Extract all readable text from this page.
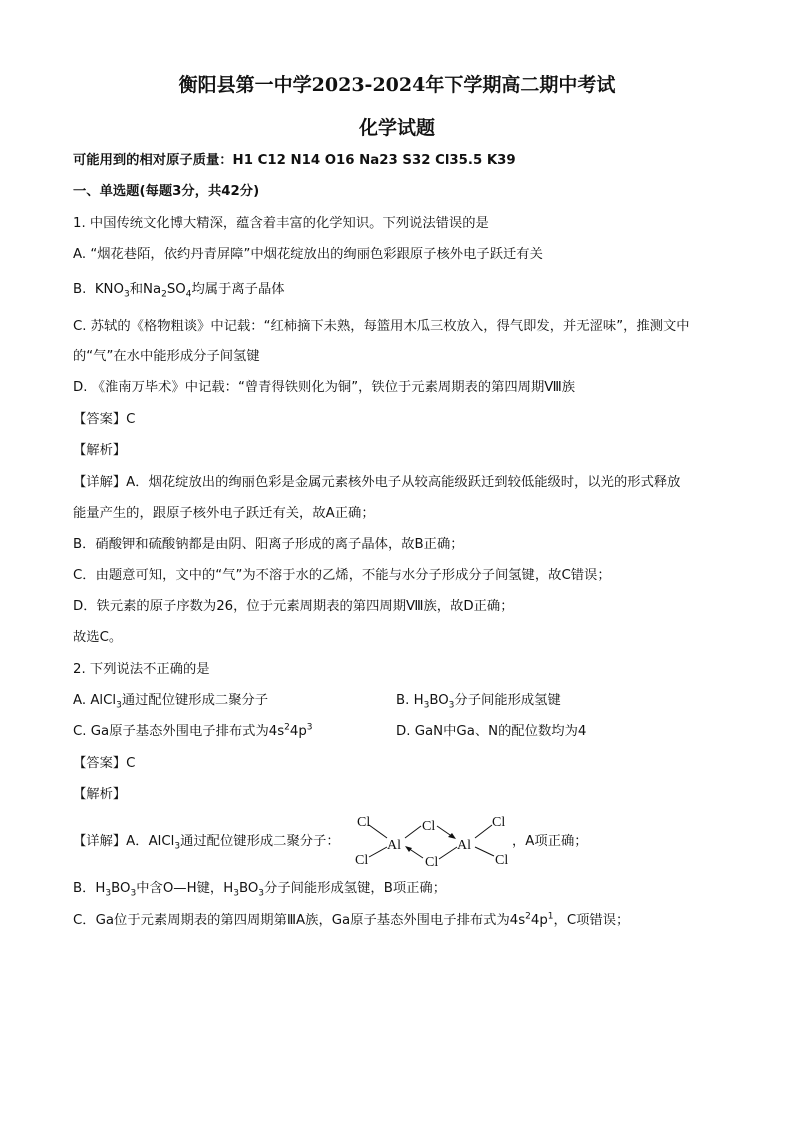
衡阳县第一中学2023-2024年下学期高二期中考试
化学试题
可能用到的相对原子质量：H1 C12 N14 O16 Na23 S32 Cl35.5 K39
一、单选题(每题3分，共42分)
1. 中国传统文化博大精深，蕴含着丰富的化学知识。下列说法错误的是
A. “烟花巷陌，依约丹青屏障”中烟花绽放出的绚丽色彩跟原子核外电子跃迁有关
B. $KNO_3$和$Na_2SO_4$均属于离子晶体
C. 苏轼的《格物粗谈》中记载：“红柿摘下未熟，每篮用木瓜三枚放入，得气即发，并无涩味”，推测文中
的“气”在水中能形成分子间氢键
D. 《淮南万毕术》中记载：“曾青得铁则化为铜”，铁位于元素周期表的第四周期Ⅷ族
【答案】C
【解析】
【详解】A．烟花绽放出的绚丽色彩是金属元素核外电子从较高能级跃迁到较低能级时，以光的形式释放
能量产生的，跟原子核外电子跃迁有关，故A正确；
B．硝酸钾和硫酸钠都是由阴、阳离子形成的离子晶体，故B正确；
C．由题意可知，文中的“气”为不溶于水的乙烯，不能与水分子形成分子间氢键，故C错误；
D．铁元素的原子序数为26，位于元素周期表的第四周期Ⅷ族，故D正确；
故选C。
2. 下列说法不正确的是
A. AlCl$_3$通过配位键形成二聚分子	B. $H_3BO_3$分子间能形成氢键
C. Ga原子基态外围电子排布式为$4s^24p^3$	D. GaN中Ga、N的配位数均为4
【答案】C
【解析】
【详解】A．AlCl$_3$通过配位键形成二聚分子：
Cl	Cl	Cl
Al	Al
Cl	Cl	Cl
，A项正确；
B．$H_3BO_3$中含O—H键，$H_3BO_3$分子间能形成氢键，B项正确；
C．Ga位于元素周期表的第四周期第ⅢA族，Ga原子基态外围电子排布式为$4s^24p^1$，C项错误；
